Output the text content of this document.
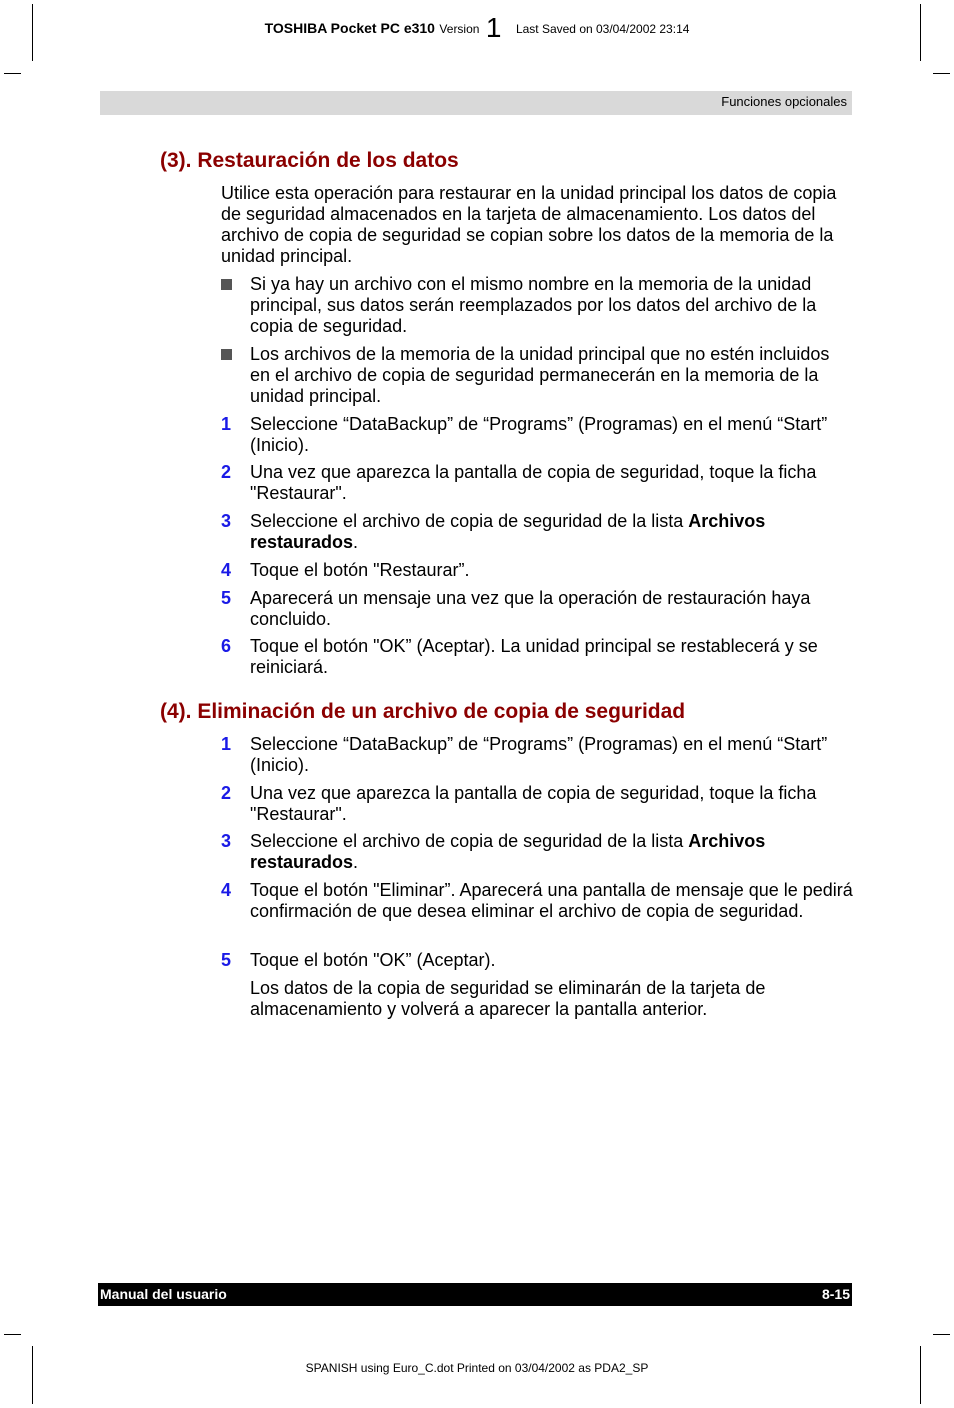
TOSHIBA Pocket PC e310 Version 1 Last Saved on 03/04/2002 23:14
Funciones opcionales
(3). Restauración de los datos

Utilice esta operación para restaurar en la unidad principal los datos de copia de seguridad almacenados en la tarjeta de almacenamiento. Los datos del archivo de copia de seguridad se copian sobre los datos de la memoria de la unidad principal.

Si ya hay un archivo con el mismo nombre en la memoria de la unidad principal, sus datos serán reemplazados por los datos del archivo de la copia de seguridad.
Los archivos de la memoria de la unidad principal que no estén incluidos en el archivo de copia de seguridad permanecerán en la memoria de la unidad principal.
1	Seleccione “DataBackup” de “Programs” (Programas) en el menú “Start” (Inicio).
2	Una vez que aparezca la pantalla de copia de seguridad, toque la ficha "Restaurar".
3	Seleccione el archivo de copia de seguridad de la lista Archivos restaurados.
4	Toque el botón "Restaurar”.
5	Aparecerá un mensaje una vez que la operación de restauración haya concluido.
6	Toque el botón "OK” (Aceptar). La unidad principal se restablecerá y se reiniciará.
(4). Eliminación de un archivo de copia de seguridad
1	Seleccione “DataBackup” de “Programs” (Programas) en el menú “Start” (Inicio).
2	Una vez que aparezca la pantalla de copia de seguridad, toque la ficha "Restaurar".
3	Seleccione el archivo de copia de seguridad de la lista Archivos restaurados.
4	Toque el botón "Eliminar”. Aparecerá una pantalla de mensaje que le pedirá confirmación de que desea eliminar el archivo de copia de seguridad.
5	Toque el botón "OK” (Aceptar).

Los datos de la copia de seguridad se eliminarán de la tarjeta de almacenamiento y volverá a aparecer la pantalla anterior.

Manual del usuario	8-15
SPANISH using Euro_C.dot Printed on 03/04/2002 as PDA2_SP
